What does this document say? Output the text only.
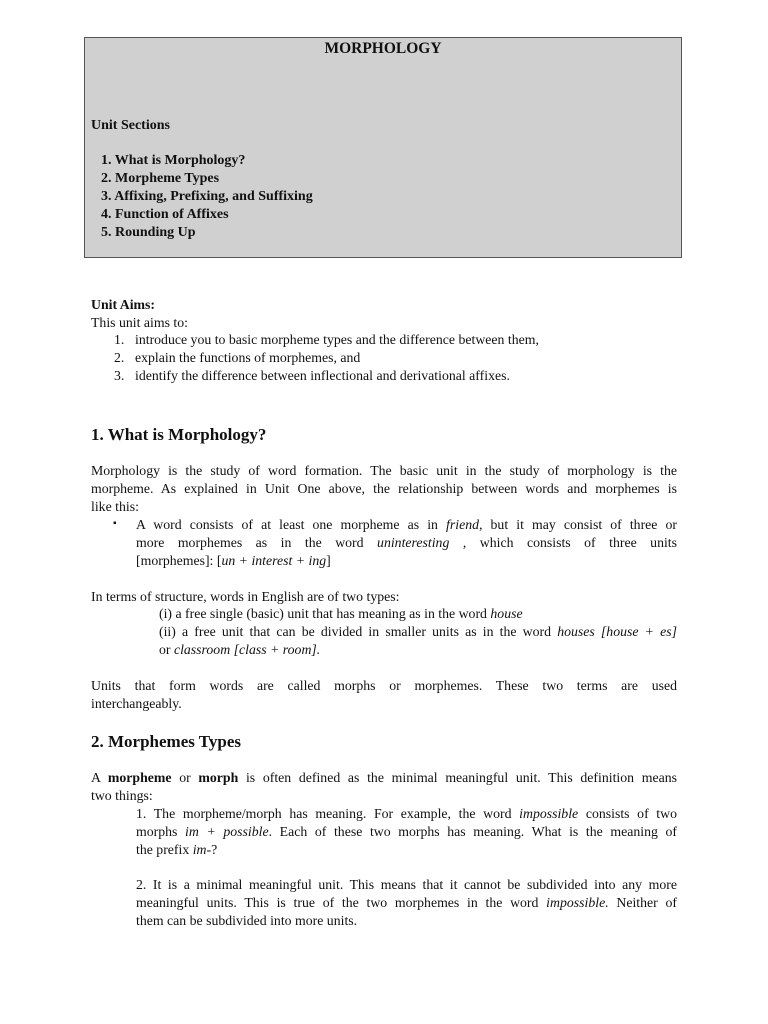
MORPHOLOGY
Unit Sections
1. What is Morphology?
2. Morpheme Types
3. Affixing, Prefixing, and Suffixing
4. Function of Affixes
5. Rounding Up
Unit Aims:
This unit aims to:
1. introduce you to basic morpheme types and the difference between them,
2. explain the functions of morphemes, and
3. identify the difference between inflectional and derivational affixes.
1. What is Morphology?
Morphology is the study of word formation. The basic unit in the study of morphology is the
morpheme. As explained in Unit One above, the relationship between words and morphemes is
like this:
▪ A word consists of at least one morpheme as in friend, but it may consist of three or
more morphemes as in the word uninteresting , which consists of three units
[morphemes]: [un + interest + ing]
In terms of structure, words in English are of two types:
(i) a free single (basic) unit that has meaning as in the word house
(ii) a free unit that can be divided in smaller units as in the word houses [house + es]
or classroom [class + room].
Units that form words are called morphs or morphemes. These two terms are used
interchangeably.
2. Morphemes Types
A morpheme or morph is often defined as the minimal meaningful unit. This definition means
two things:
1. The morpheme/morph has meaning. For example, the word impossible consists of two
morphs im + possible. Each of these two morphs has meaning. What is the meaning of
the prefix im-?
2. It is a minimal meaningful unit. This means that it cannot be subdivided into any more
meaningful units. This is true of the two morphemes in the word impossible. Neither of
them can be subdivided into more units.
